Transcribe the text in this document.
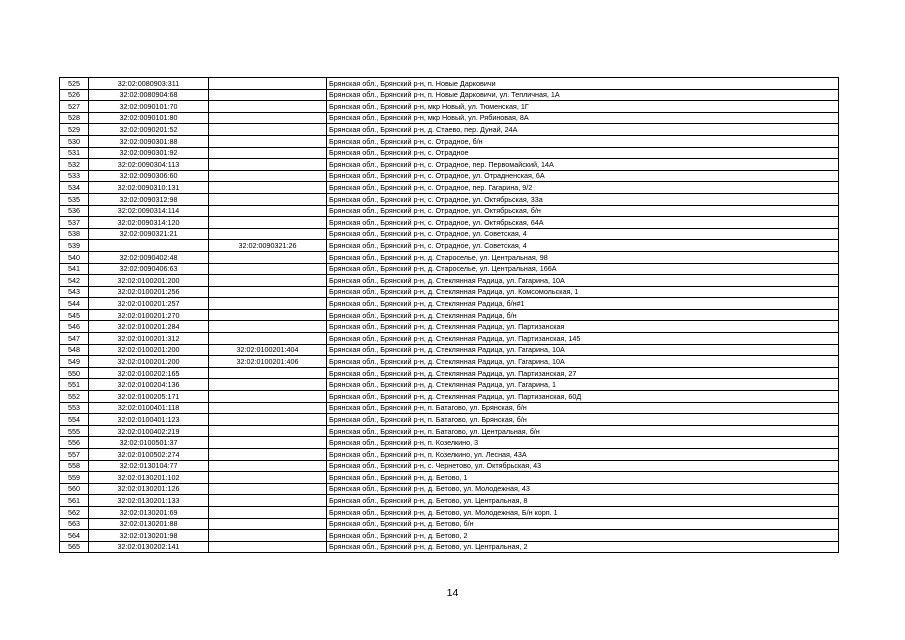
525	32:02:0080903:311		Брянская обл., Брянский р-н, п. Новые Дарковичи
526	32:02:0080904:68		Брянская обл., Брянский р-н, п. Новые Дарковичи, ул. Тепличная, 1А
527	32:02:0090101:70		Брянская обл., Брянский р-н, мкр Новый, ул. Тюменская, 1Г
528	32:02:0090101:80		Брянская обл., Брянский р-н, мкр Новый, ул. Рябиновая, 8А
529	32:02:0090201:52		Брянская обл., Брянский р-н, д. Стаево, пер. Дунай, 24А
530	32:02:0090301:88		Брянская обл., Брянский р-н, с. Отрадное, б/н
531	32:02:0090301:92		Брянская обл., Брянский р-н, с. Отрадное
532	32:02:0090304:113		Брянская обл., Брянский р-н, с. Отрадное, пер. Первомайский, 14А
533	32:02:0090306:60		Брянская обл., Брянский р-н, с. Отрадное, ул. Отрадненская, 6А
534	32:02:0090310:131		Брянская обл., Брянский р-н, с. Отрадное, пер. Гагарина, 9/2
535	32:02:0090312:98		Брянская обл., Брянский р-н, с. Отрадное, ул. Октябрьская, 33а
536	32:02:0090314:114		Брянская обл., Брянский р-н, с. Отрадное, ул. Октябрьская, б/н
537	32:02:0090314:120		Брянская обл., Брянский р-н, с. Отрадное, ул. Октябрьская, 64А
538	32:02:0090321:21		Брянская обл., Брянский р-н, с. Отрадное, ул. Советская, 4
539		32:02:0090321:26	Брянская обл., Брянский р-н, с. Отрадное, ул. Советская, 4
540	32:02:0090402:48		Брянская обл., Брянский р-н, д. Староселье, ул. Центральная, 98
541	32:02:0090406:63		Брянская обл., Брянский р-н, д. Староселье, ул. Центральная, 166А
542	32:02:0100201:200		Брянская обл., Брянский р-н, д. Стеклянная Радица, ул. Гагарина, 10А
543	32:02:0100201:256		Брянская обл., Брянский р-н, д. Стеклянная Радица, ул. Комсомольская, 1
544	32:02:0100201:257		Брянская обл., Брянский р-н, д. Стеклянная Радица, б/н#1
545	32:02:0100201:270		Брянская обл., Брянский р-н, д. Стеклянная Радица, б/н
546	32:02:0100201:284		Брянская обл., Брянский р-н, д. Стеклянная Радица, ул. Партизанская
547	32:02:0100201:312		Брянская обл., Брянский р-н, д. Стеклянная Радица, ул. Партизанская, 145
548	32:02:0100201:200	32:02:0100201:404	Брянская обл., Брянский р-н, д. Стеклянная Радица, ул. Гагарина, 10А
549	32:02:0100201:200	32:02:0100201:406	Брянская обл., Брянский р-н, д. Стеклянная Радица, ул. Гагарина, 10А
550	32:02:0100202:165		Брянская обл., Брянский р-н, д. Стеклянная Радица, ул. Партизанская, 27
551	32:02:0100204:136		Брянская обл., Брянский р-н, д. Стеклянная Радица, ул. Гагарина, 1
552	32:02:0100205:171		Брянская обл., Брянский р-н, д. Стеклянная Радица, ул. Партизанская, 60Д
553	32:02:0100401:118		Брянская обл., Брянский р-н, п. Батагово, ул. Брянская, б/н
554	32:02:0100401:123		Брянская обл., Брянский р-н, п. Батагово, ул. Брянская, б/н
555	32:02:0100402:219		Брянская обл., Брянский р-н, п. Батагово, ул. Центральная, б/н
556	32:02:0100501:37		Брянская обл., Брянский р-н, п. Козелкино, 3
557	32:02:0100502:274		Брянская обл., Брянский р-н, п. Козелкино, ул. Лесная, 43А
558	32:02:0130104:77		Брянская обл., Брянский р-н, с. Чернетово, ул. Октябрьская, 43
559	32:02:0130201:102		Брянская обл., Брянский р-н, д. Бетово, 1
560	32:02:0130201:126		Брянская обл., Брянский р-н, д. Бетово, ул. Молодежная, 43
561	32:02:0130201:133		Брянская обл., Брянский р-н, д. Бетово, ул. Центральная, 8
562	32:02:0130201:69		Брянская обл., Брянский р-н, д. Бетово, ул. Молодежная, Б/н корп. 1
563	32:02:0130201:88		Брянская обл., Брянский р-н, д. Бетово, б/н
564	32:02:0130201:98		Брянская обл., Брянский р-н, д. Бетово, 2
565	32:02:0130202:141		Брянская обл., Брянский р-н, д. Бетово, ул. Центральная, 2
14
